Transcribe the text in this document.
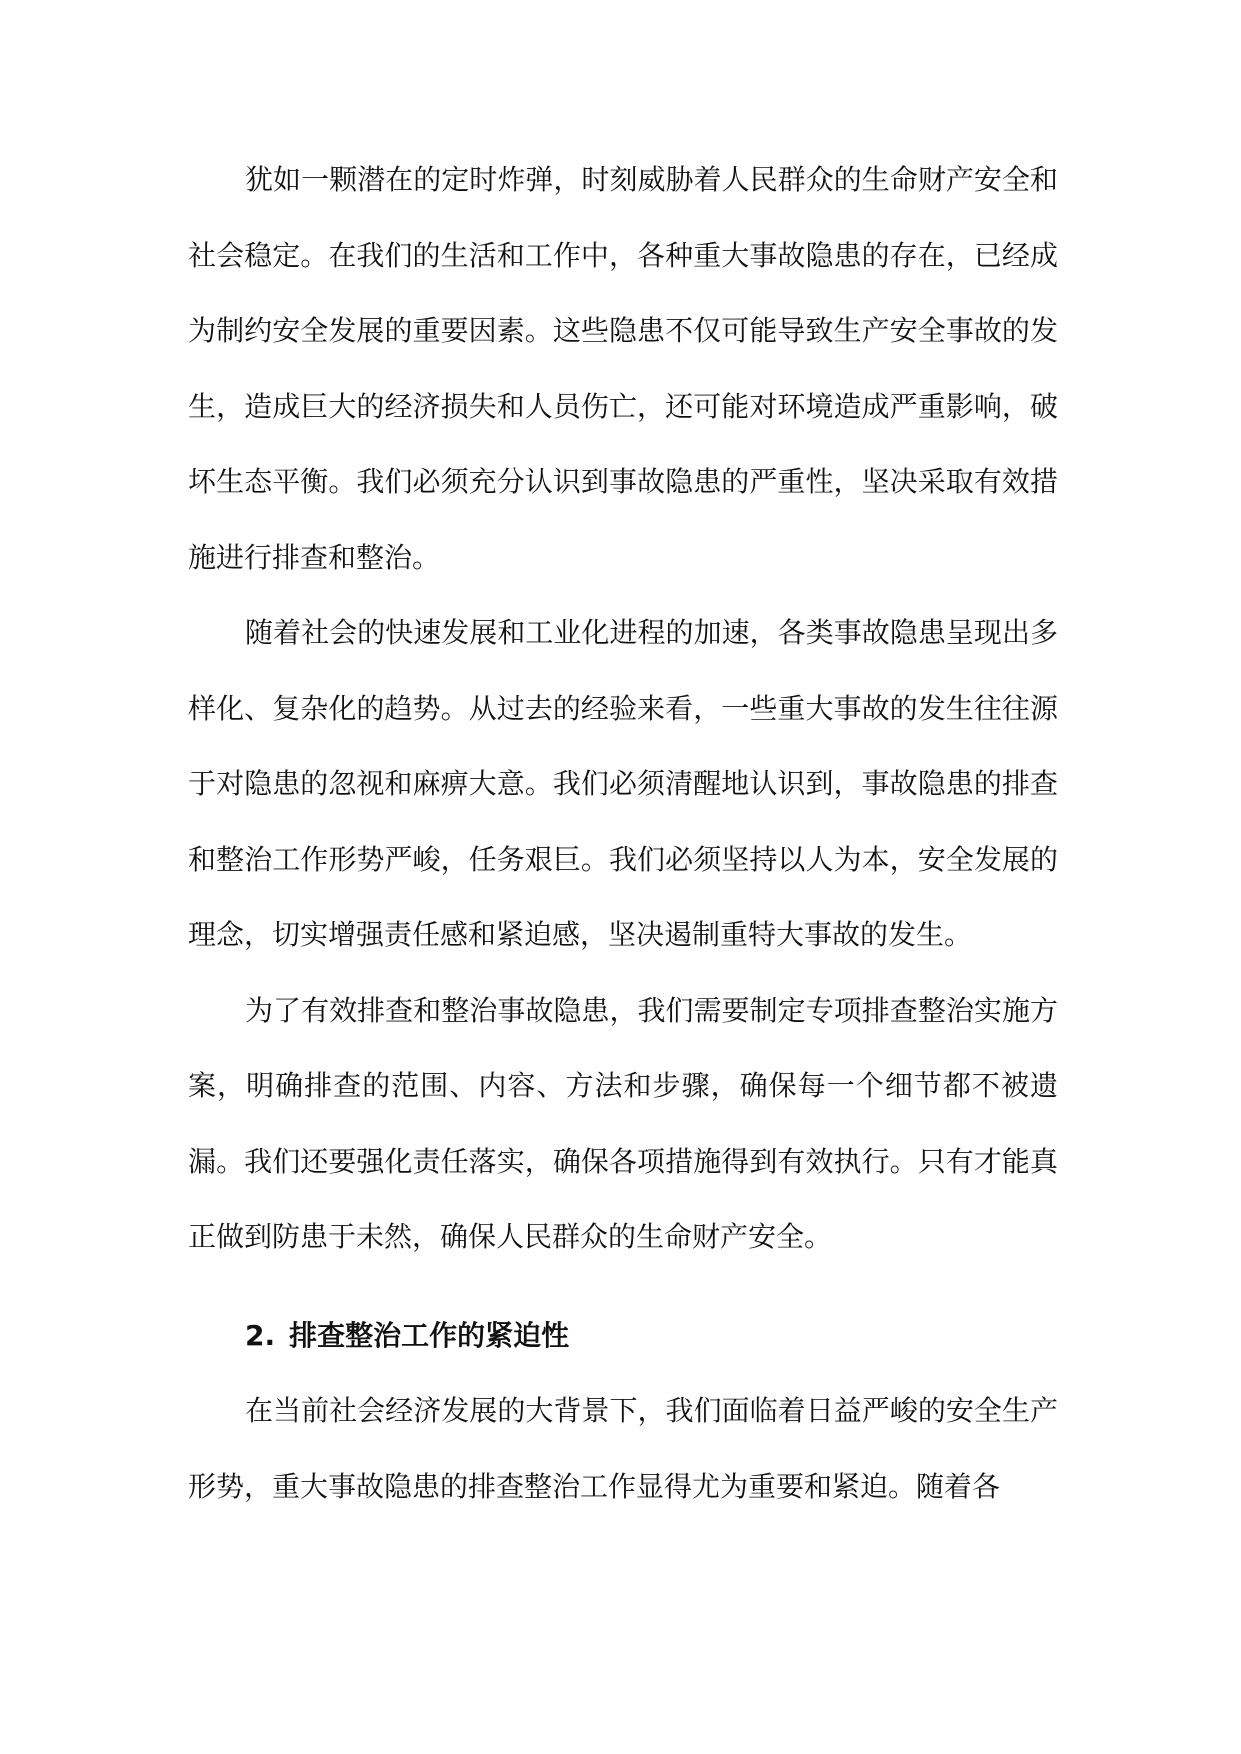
犹如一颗潜在的定时炸弹，时刻威胁着人民群众的生命财产安全和社会稳定。在我们的生活和工作中，各种重大事故隐患的存在，已经成为制约安全发展的重要因素。这些隐患不仅可能导致生产安全事故的发生，造成巨大的经济损失和人员伤亡，还可能对环境造成严重影响，破坏生态平衡。我们必须充分认识到事故隐患的严重性，坚决采取有效措施进行排查和整治。

随着社会的快速发展和工业化进程的加速，各类事故隐患呈现出多样化、复杂化的趋势。从过去的经验来看，一些重大事故的发生往往源于对隐患的忽视和麻痹大意。我们必须清醒地认识到，事故隐患的排查和整治工作形势严峻，任务艰巨。我们必须坚持以人为本，安全发展的理念，切实增强责任感和紧迫感，坚决遏制重特大事故的发生。

为了有效排查和整治事故隐患，我们需要制定专项排查整治实施方案，明确排查的范围、内容、方法和步骤，确保每一个细节都不被遗漏。我们还要强化责任落实，确保各项措施得到有效执行。只有才能真正做到防患于未然，确保人民群众的生命财产安全。

2. 排查整治工作的紧迫性

在当前社会经济发展的大背景下，我们面临着日益严峻的安全生产形势，重大事故隐患的排查整治工作显得尤为重要和紧迫。随着各
